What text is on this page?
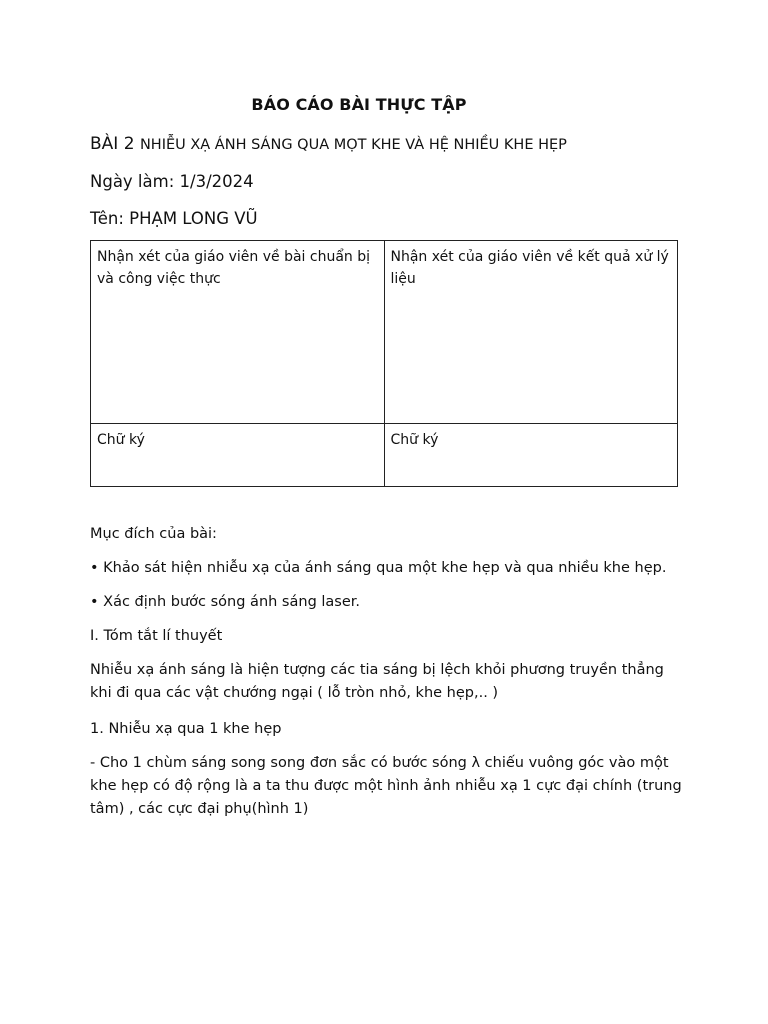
BÁO CÁO BÀI THỰC TẬP
BÀI 2 NHIỄU XẠ ÁNH SÁNG QUA MỌT KHE VÀ HỆ NHIỀU KHE HẸP
Ngày làm: 1/3/2024
Tên: PHẠM LONG VŨ
Nhận xét của giáo viên về bài chuẩn bị và công việc thực	Nhận xét của giáo viên về kết quả xử lý liệu
Chữ ký	Chữ ký
Mục đích của bài:
• Khảo sát hiện nhiễu xạ của ánh sáng qua một khe hẹp và qua nhiều khe hẹp.
• Xác định bước sóng ánh sáng laser.
I. Tóm tắt lí thuyết
Nhiễu xạ ánh sáng là hiện tượng các tia sáng bị lệch khỏi phương truyền thẳng khi đi qua các vật chướng ngại ( lỗ tròn nhỏ, khe hẹp,.. )
1. Nhiễu xạ qua 1 khe hẹp
- Cho 1 chùm sáng song song đơn sắc có bước sóng λ chiếu vuông góc vào một khe hẹp có độ rộng là a ta thu được một hình ảnh nhiễu xạ 1 cực đại chính (trung tâm) , các cực đại phụ(hình 1)
